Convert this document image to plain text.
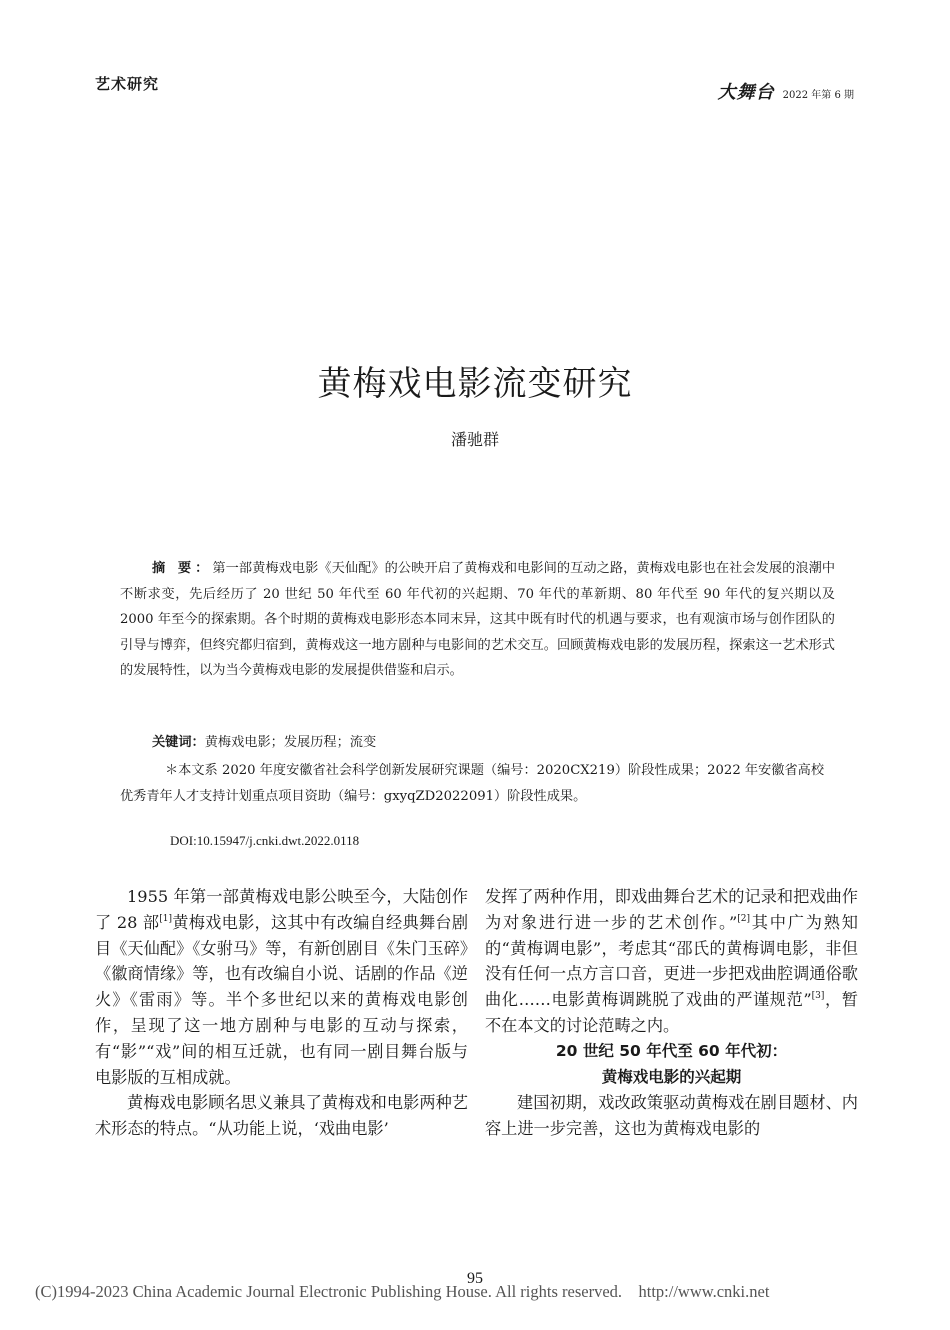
艺术研究	大舞台 2022 年第 6 期
黄梅戏电影流变研究
潘驰群
摘 要：第一部黄梅戏电影《天仙配》的公映开启了黄梅戏和电影间的互动之路，黄梅戏电影也在社会发展的浪潮中不断求变，先后经历了 20 世纪 50 年代至 60 年代初的兴起期、70 年代的革新期、80 年代至 90 年代的复兴期以及 2000 年至今的探索期。各个时期的黄梅戏电影形态本同末异，这其中既有时代的机遇与要求，也有观演市场与创作团队的引导与博弈，但终究都归宿到，黄梅戏这一地方剧种与电影间的艺术交互。回顾黄梅戏电影的发展历程，探索这一艺术形式的发展特性，以为当今黄梅戏电影的发展提供借鉴和启示。
关键词：黄梅戏电影；发展历程；流变
＊本文系 2020 年度安徽省社会科学创新发展研究课题（编号：2020CX219）阶段性成果；2022 年安徽省高校优秀青年人才支持计划重点项目资助（编号：gxyqZD2022091）阶段性成果。
DOI:10.15947/j.cnki.dwt.2022.0118

1955 年第一部黄梅戏电影公映至今，大陆创作了 28 部[1]黄梅戏电影，这其中有改编自经典舞台剧目《天仙配》《女驸马》等，有新创剧目《朱门玉碎》《徽商情缘》等，也有改编自小说、话剧的作品《逆火》《雷雨》等。半个多世纪以来的黄梅戏电影创作，呈现了这一地方剧种与电影的互动与探索，有“影”“戏”间的相互迁就，也有同一剧目舞台版与电影版的互相成就。

黄梅戏电影顾名思义兼具了黄梅戏和电影两种艺术形态的特点。“从功能上说，‘戏曲电影’

发挥了两种作用，即戏曲舞台艺术的记录和把戏曲作为对象进行进一步的艺术创作。”[2]其中广为熟知的“黄梅调电影”，考虑其“邵氏的黄梅调电影，非但没有任何一点方言口音，更进一步把戏曲腔调通俗歌曲化……电影黄梅调跳脱了戏曲的严谨规范”[3]，暂不在本文的讨论范畴之内。

20 世纪 50 年代至 60 年代初：
黄梅戏电影的兴起期

建国初期，戏改政策驱动黄梅戏在剧目题材、内容上进一步完善，这也为黄梅戏电影的

95
(C)1994-2023 China Academic Journal Electronic Publishing House. All rights reserved.    http://www.cnki.net
